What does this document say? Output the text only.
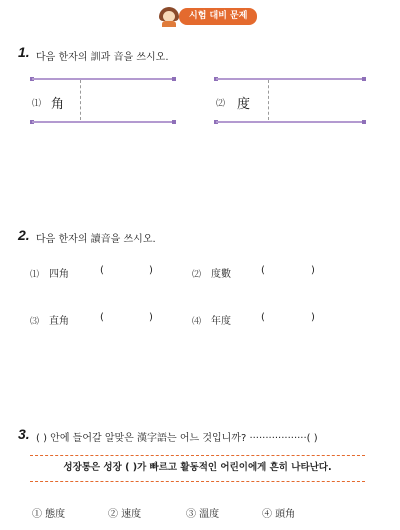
시험 대비 문제
1. 다음 한자의 訓과 音을 쓰시오.
⑴ 角	⑵ 度
2. 다음 한자의 讀音을 쓰시오.
⑴ 四角	(	)	⑵ 度數	(	)
⑶ 直角	(	)	⑷ 年度	(	)
3. ( ) 안에 들어갈 알맞은 漢字語는 어느 것입니까? ··················( )
성장통은 성장 ( )가 빠르고 활동적인 어린이에게 흔히 나타난다.
① 態度	② 速度	③ 溫度	④ 頭角
